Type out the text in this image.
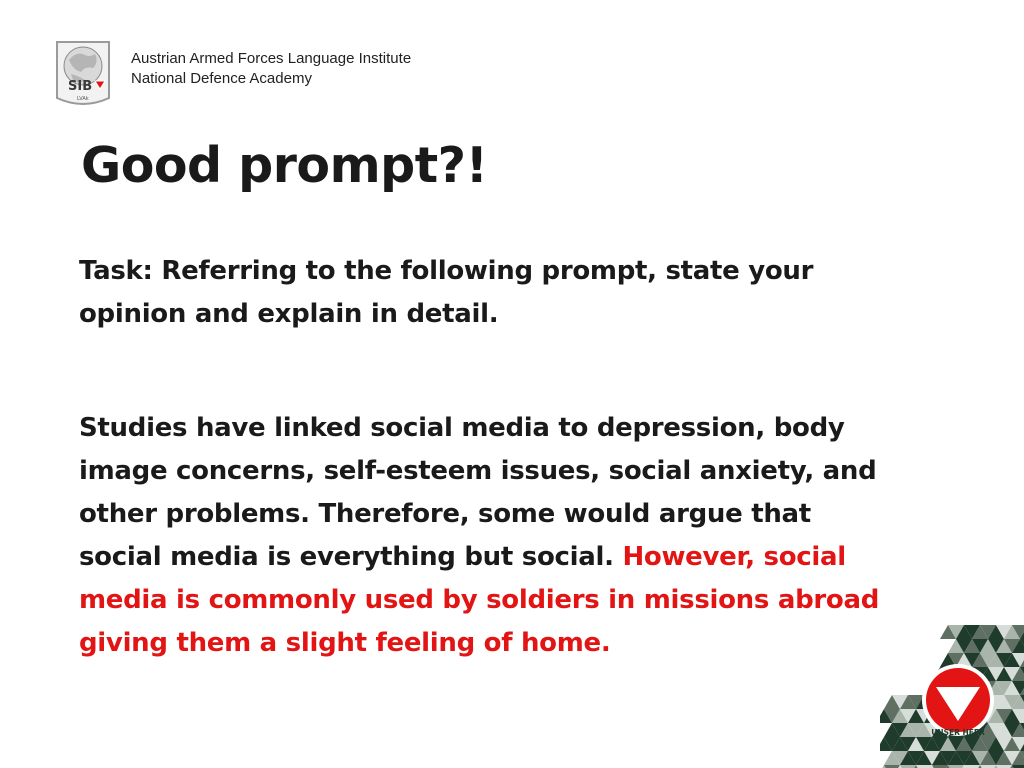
SIB
LVAk
Austrian Armed Forces Language Institute
National Defence Academy
Good prompt?!

Task: Referring to the following prompt, state your
opinion and explain in detail.

Studies have linked social media to depression, body
image concerns, self-esteem issues, social anxiety, and
other problems. Therefore, some would argue that
social media is everything but social. However, social
media is commonly used by soldiers in missions abroad
giving them a slight feeling of home.

UNSER HEER
